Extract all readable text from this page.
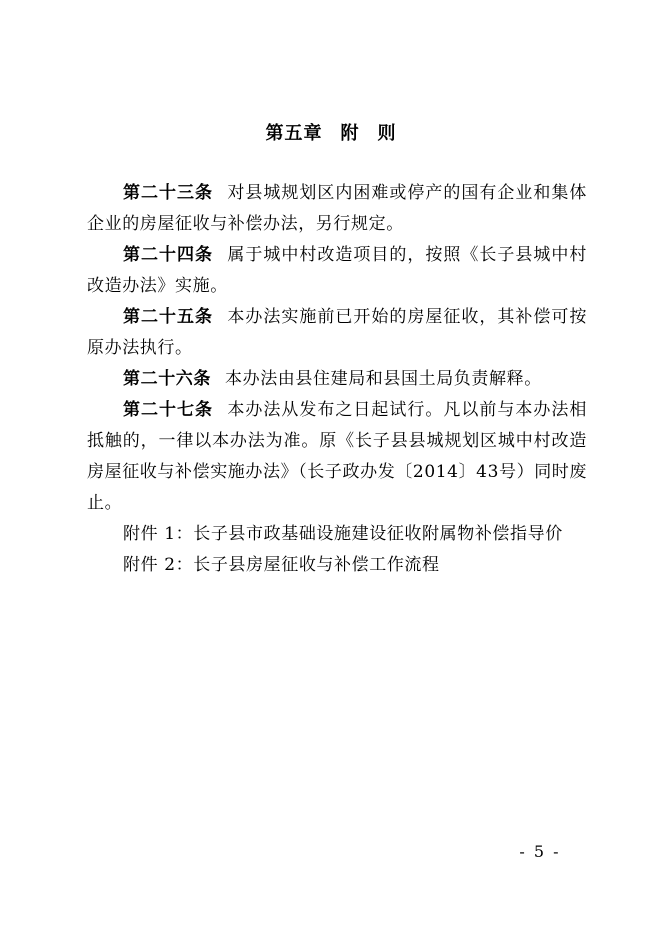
第五章 附 则

第二十三条 对县城规划区内困难或停产的国有企业和集体企业的房屋征收与补偿办法，另行规定。

第二十四条 属于城中村改造项目的，按照《长子县城中村改造办法》实施。

第二十五条 本办法实施前已开始的房屋征收，其补偿可按原办法执行。

第二十六条 本办法由县住建局和县国土局负责解释。

第二十七条 本办法从发布之日起试行。凡以前与本办法相抵触的，一律以本办法为准。原《长子县县城规划区城中村改造房屋征收与补偿实施办法》（长子政办发〔2014〕43号）同时废止。

附件 1：长子县市政基础设施建设征收附属物补偿指导价

附件 2：长子县房屋征收与补偿工作流程

- 5 -
